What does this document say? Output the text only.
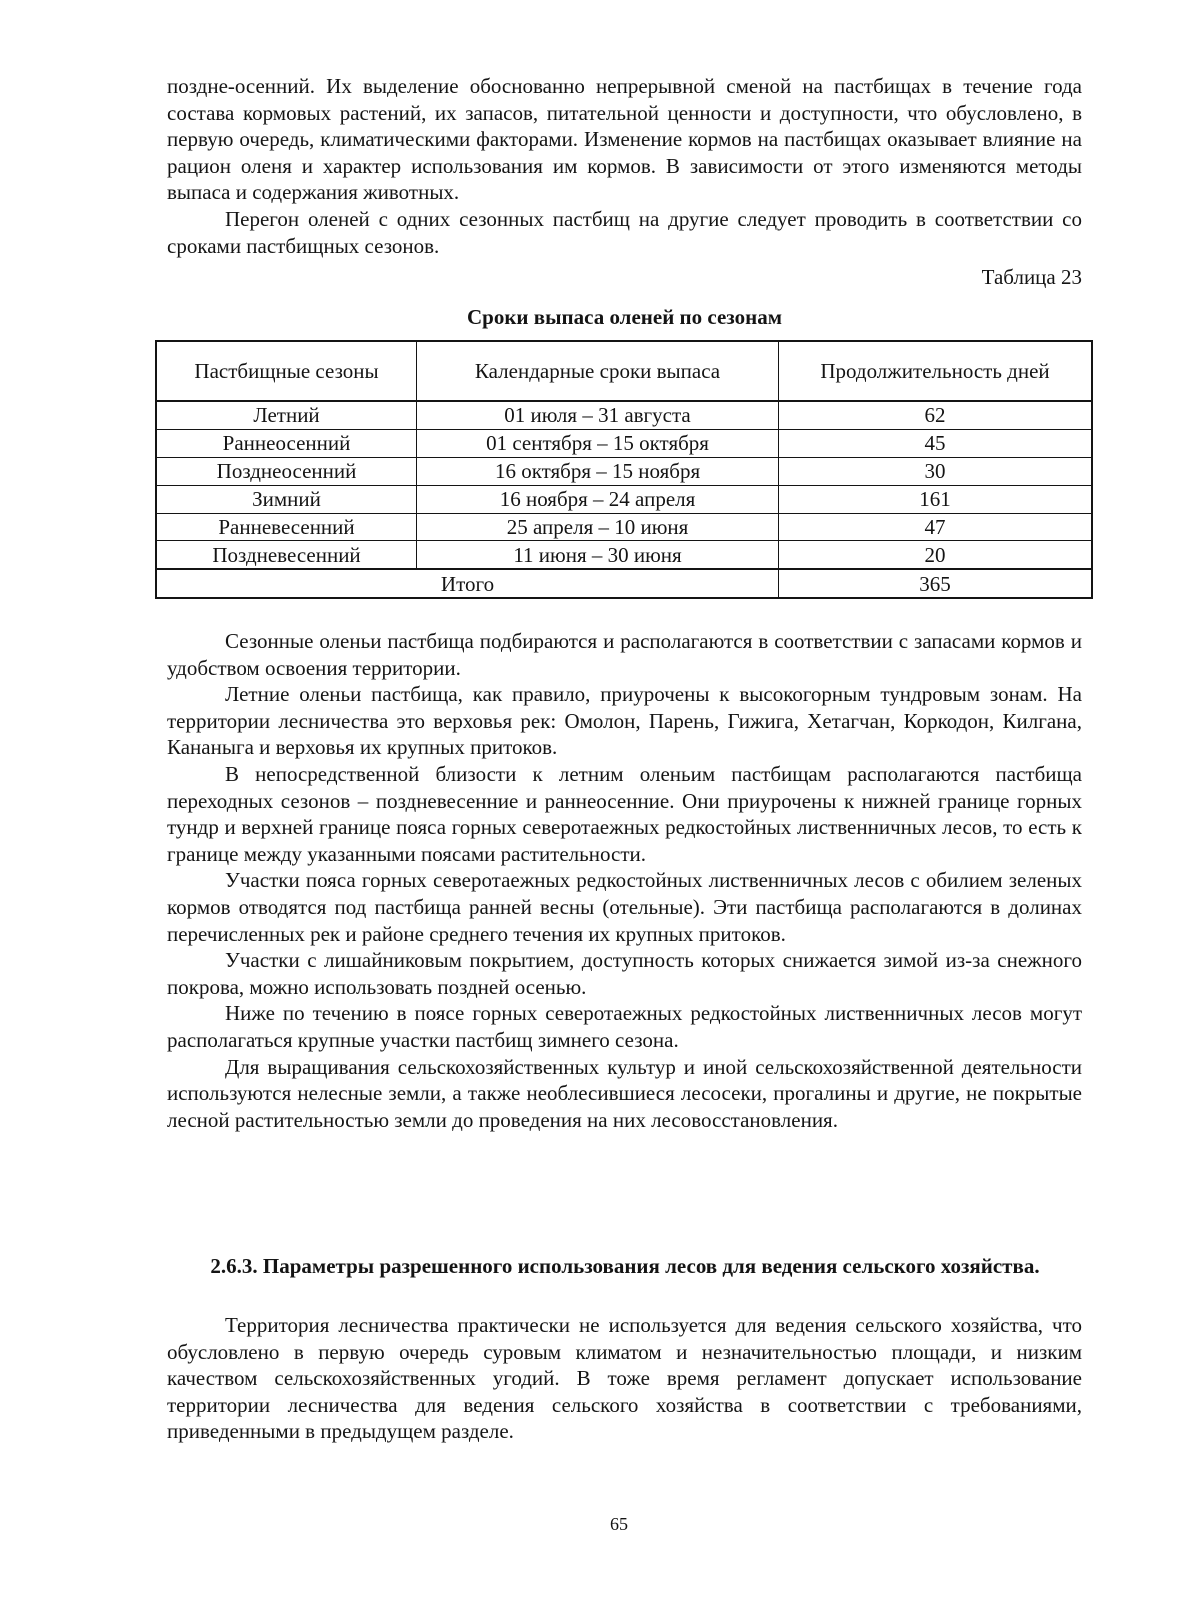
поздне-осенний. Их выделение обоснованно непрерывной сменой на пастбищах в течение года состава кормовых растений, их запасов, питательной ценности и доступности, что обусловлено, в первую очередь, климатическими факторами. Изменение кормов на пастбищах оказывает влияние на рацион оленя и характер использования им кормов. В зависимости от этого изменяются методы выпаса и содержания животных.

Перегон оленей с одних сезонных пастбищ на другие следует проводить в соответствии со сроками пастбищных сезонов.

Таблица 23
Сроки выпаса оленей по сезонам
Пастбищные сезоны	Календарные сроки выпаса	Продолжительность дней
Летний	01 июля – 31 августа	62
Раннеосенний	01 сентября – 15 октября	45
Позднеосенний	16 октября – 15 ноября	30
Зимний	16 ноября – 24 апреля	161
Ранневесенний	25 апреля – 10 июня	47
Поздневесенний	11 июня – 30 июня	20
Итого		365

Сезонные оленьи пастбища подбираются и располагаются в соответствии с запасами кормов и удобством освоения территории.

Летние оленьи пастбища, как правило, приурочены к высокогорным тундровым зонам. На территории лесничества это верховья рек: Омолон, Парень, Гижига, Хетагчан, Коркодон, Килгана, Кананыга и верховья их крупных притоков.

В непосредственной близости к летним оленьим пастбищам располагаются пастбища переходных сезонов – поздневесенние и раннеосенние. Они приурочены к нижней границе горных тундр и верхней границе пояса горных северотаежных редкостойных лиственничных лесов, то есть к границе между указанными поясами растительности.

Участки пояса горных северотаежных редкостойных лиственничных лесов с обилием зеленых кормов отводятся под пастбища ранней весны (отельные). Эти пастбища располагаются в долинах перечисленных рек и районе среднего течения их крупных притоков.

Участки с лишайниковым покрытием, доступность которых снижается зимой из-за снежного покрова, можно использовать поздней осенью.

Ниже по течению в поясе горных северотаежных редкостойных лиственничных лесов могут располагаться крупные участки пастбищ зимнего сезона.

Для выращивания сельскохозяйственных культур и иной сельскохозяйственной деятельности используются нелесные земли, а также необлесившиеся лесосеки, прогалины и другие, не покрытые лесной растительностью земли до проведения на них лесовосстановления.

2.6.3. Параметры разрешенного использования лесов для ведения сельского хозяйства.

Территория лесничества практически не используется для ведения сельского хозяйства, что обусловлено в первую очередь суровым климатом и незначительностью площади, и низким качеством сельскохозяйственных угодий. В тоже время регламент допускает использование территории лесничества для ведения сельского хозяйства в соответствии с требованиями, приведенными в предыдущем разделе.

65
